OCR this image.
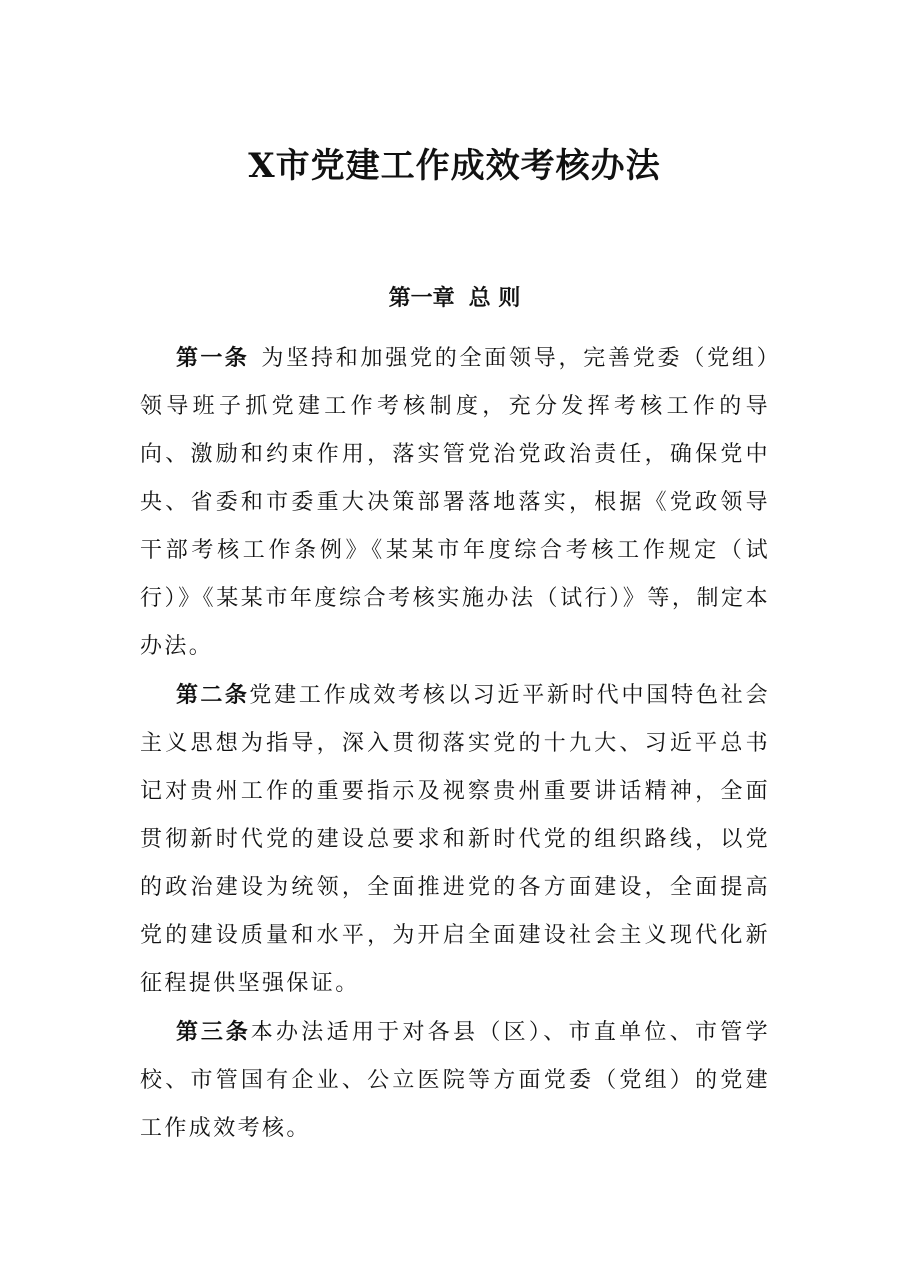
X市党建工作成效考核办法
第一章 总 则

第一条 为坚持和加强党的全面领导，完善党委（党组）领导班子抓党建工作考核制度，充分发挥考核工作的导向、激励和约束作用，落实管党治党政治责任，确保党中央、省委和市委重大决策部署落地落实，根据《党政领导干部考核工作条例》《某某市年度综合考核工作规定（试行）》《某某市年度综合考核实施办法（试行）》等，制定本办法。

第二条党建工作成效考核以习近平新时代中国特色社会主义思想为指导，深入贯彻落实党的十九大、习近平总书记对贵州工作的重要指示及视察贵州重要讲话精神，全面贯彻新时代党的建设总要求和新时代党的组织路线，以党的政治建设为统领，全面推进党的各方面建设，全面提高党的建设质量和水平，为开启全面建设社会主义现代化新征程提供坚强保证。

第三条本办法适用于对各县（区）、市直单位、市管学校、市管国有企业、公立医院等方面党委（党组）的党建工作成效考核。
